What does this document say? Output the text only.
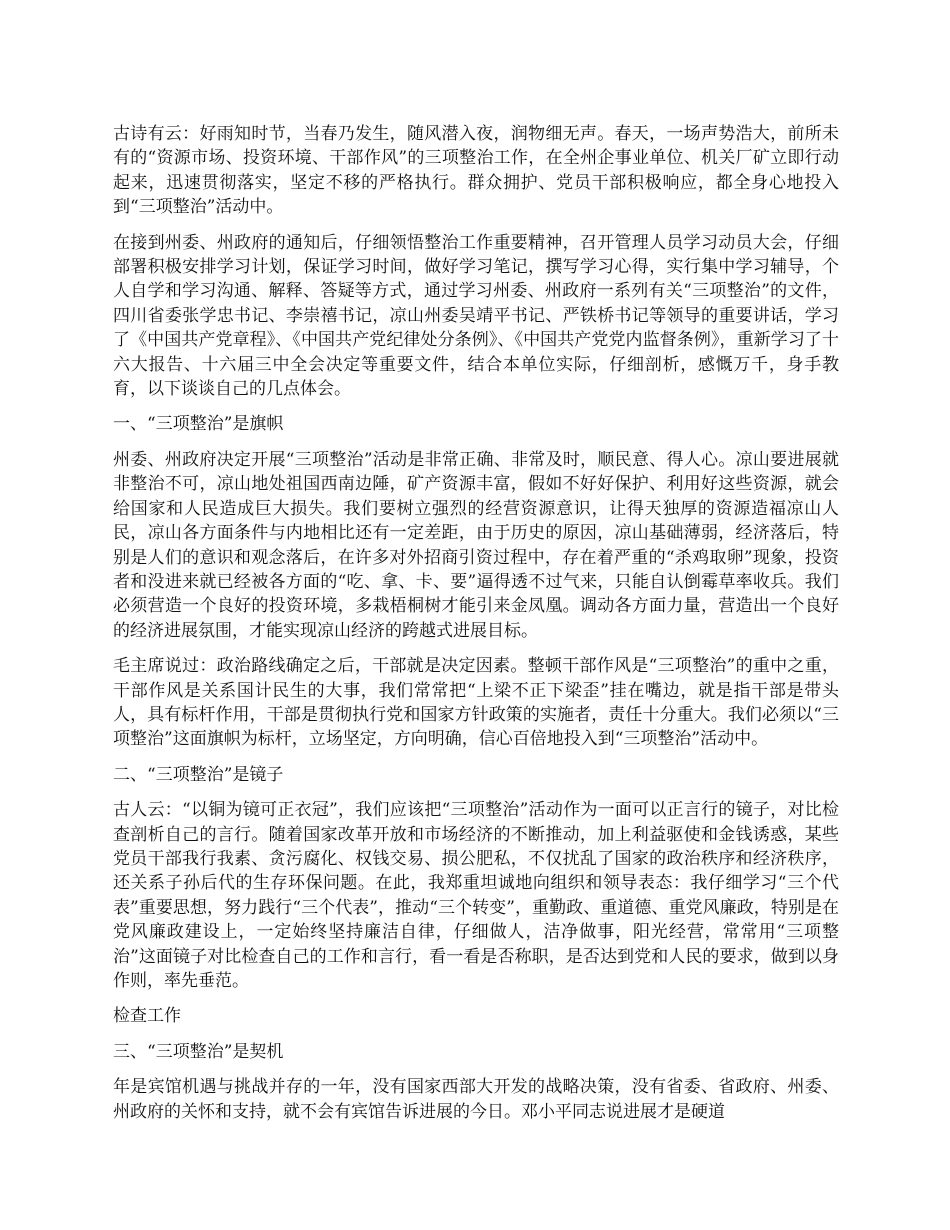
古诗有云：好雨知时节，当春乃发生，随风潜入夜，润物细无声。春天，一场声势浩大，前所未有的“资源市场、投资环境、干部作风”的三项整治工作，在全州企事业单位、机关厂矿立即行动起来，迅速贯彻落实，坚定不移的严格执行。群众拥护、党员干部积极响应，都全身心地投入到“三项整治”活动中。

在接到州委、州政府的通知后，仔细领悟整治工作重要精神，召开管理人员学习动员大会，仔细部署积极安排学习计划，保证学习时间，做好学习笔记，撰写学习心得，实行集中学习辅导，个人自学和学习沟通、解释、答疑等方式，通过学习州委、州政府一系列有关“三项整治”的文件，四川省委张学忠书记、李崇禧书记，凉山州委吴靖平书记、严铁桥书记等领导的重要讲话，学习了《中国共产党章程》、《中国共产党纪律处分条例》、《中国共产党党内监督条例》，重新学习了十六大报告、十六届三中全会决定等重要文件，结合本单位实际，仔细剖析，感慨万千，身手教育，以下谈谈自己的几点体会。

一、“三项整治”是旗帜

州委、州政府决定开展“三项整治”活动是非常正确、非常及时，顺民意、得人心。凉山要进展就非整治不可，凉山地处祖国西南边陲，矿产资源丰富，假如不好好保护、利用好这些资源，就会给国家和人民造成巨大损失。我们要树立强烈的经营资源意识，让得天独厚的资源造福凉山人民，凉山各方面条件与内地相比还有一定差距，由于历史的原因，凉山基础薄弱，经济落后，特别是人们的意识和观念落后，在许多对外招商引资过程中，存在着严重的“杀鸡取卵”现象，投资者和没进来就已经被各方面的“吃、拿、卡、要”逼得透不过气来，只能自认倒霉草率收兵。我们必须营造一个良好的投资环境，多栽梧桐树才能引来金凤凰。调动各方面力量，营造出一个良好的经济进展氛围，才能实现凉山经济的跨越式进展目标。

毛主席说过：政治路线确定之后，干部就是决定因素。整顿干部作风是“三项整治”的重中之重，干部作风是关系国计民生的大事，我们常常把“上梁不正下梁歪”挂在嘴边，就是指干部是带头人，具有标杆作用，干部是贯彻执行党和国家方针政策的实施者，责任十分重大。我们必须以“三项整治”这面旗帜为标杆，立场坚定，方向明确，信心百倍地投入到“三项整治”活动中。

二、“三项整治”是镜子

古人云：“以铜为镜可正衣冠”，我们应该把“三项整治”活动作为一面可以正言行的镜子，对比检查剖析自己的言行。随着国家改革开放和市场经济的不断推动，加上利益驱使和金钱诱惑，某些党员干部我行我素、贪污腐化、权钱交易、损公肥私，不仅扰乱了国家的政治秩序和经济秩序，还关系子孙后代的生存环保问题。在此，我郑重坦诚地向组织和领导表态：我仔细学习“三个代表”重要思想，努力践行“三个代表”，推动“三个转变”，重勤政、重道德、重党风廉政，特别是在党风廉政建设上，一定始终坚持廉洁自律，仔细做人，洁净做事，阳光经营，常常用“三项整治”这面镜子对比检查自己的工作和言行，看一看是否称职，是否达到党和人民的要求，做到以身作则，率先垂范。

检查工作

三、“三项整治”是契机

年是宾馆机遇与挑战并存的一年，没有国家西部大开发的战略决策，没有省委、省政府、州委、州政府的关怀和支持，就不会有宾馆告诉进展的今日。邓小平同志说进展才是硬道
